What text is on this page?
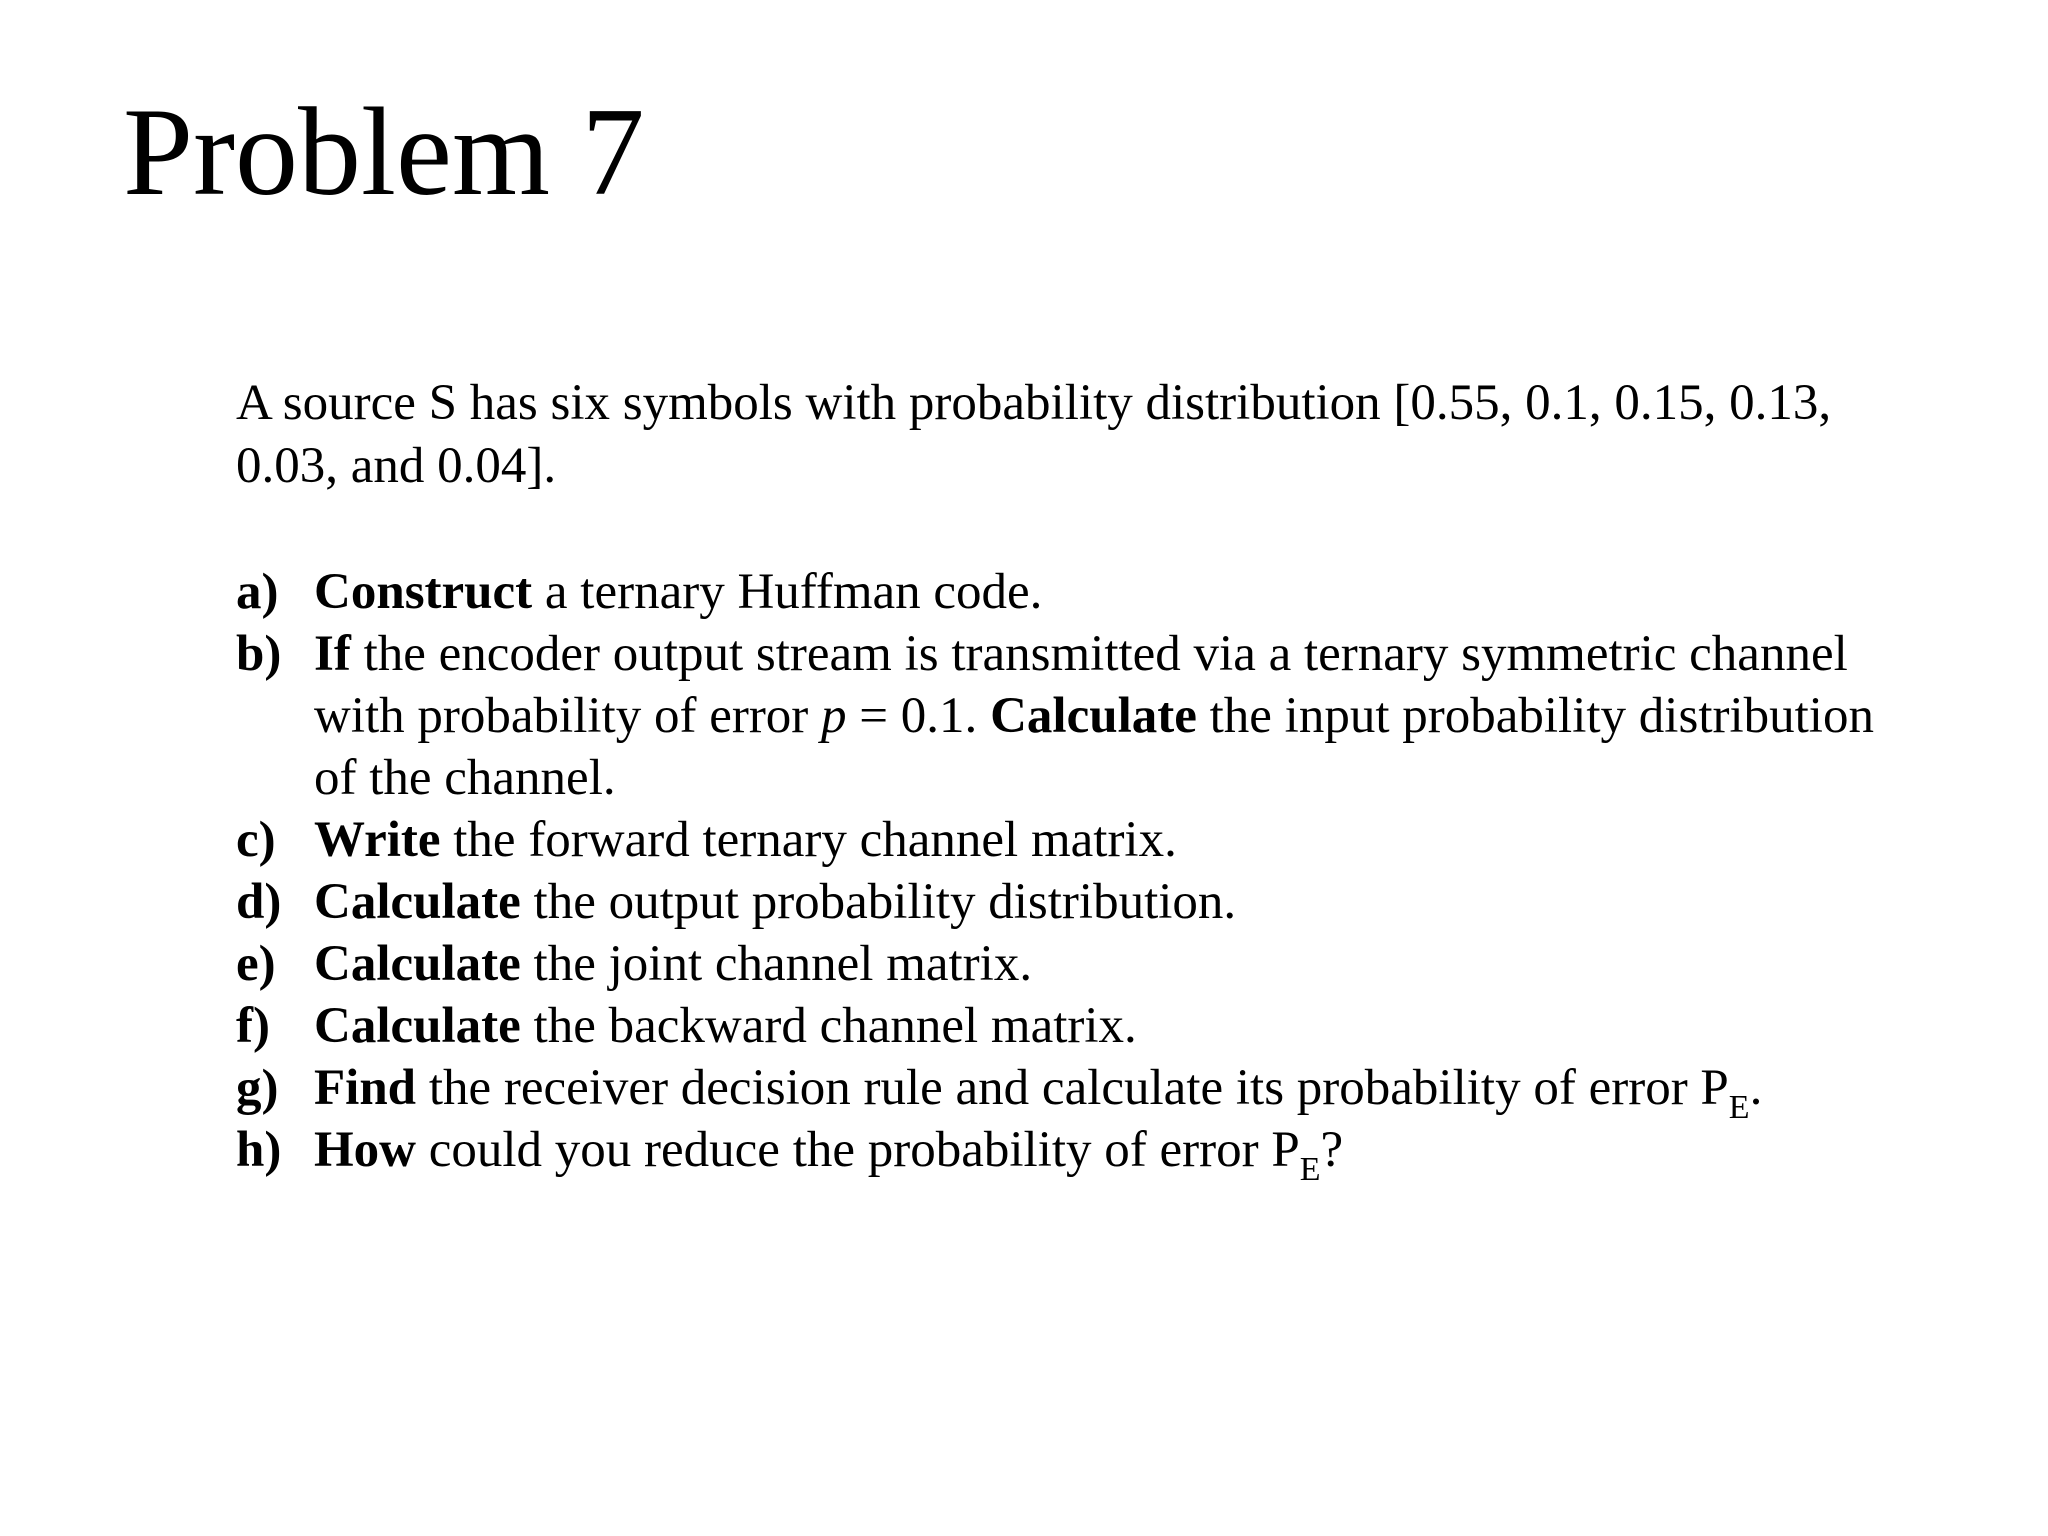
Problem 7

A source S has six symbols with probability distribution [0.55, 0.1, 0.15, 0.13,
0.03, and 0.04].

a) Construct a ternary Huffman code.
b) If the encoder output stream is transmitted via a ternary symmetric channel
with probability of error p = 0.1. Calculate the input probability distribution
of the channel.
c) Write the forward ternary channel matrix.
d) Calculate the output probability distribution.
e) Calculate the joint channel matrix.
f) Calculate the backward channel matrix.
g) Find the receiver decision rule and calculate its probability of error $P_E$.
h) How could you reduce the probability of error $P_E$?
